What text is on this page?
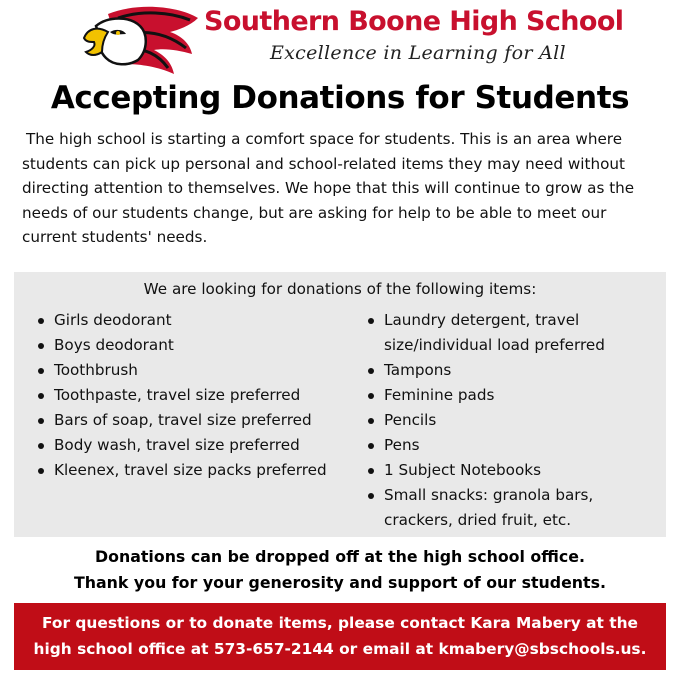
Southern Boone High School
Excellence in Learning for All
Accepting Donations for Students

The high school is starting a comfort space for students. This is an area where students can pick up personal and school-related items they may need without directing attention to themselves. We hope that this will continue to grow as the needs of our students change, but are asking for help to be able to meet our current students' needs.

We are looking for donations of the following items:
Girls deodorant
Boys deodorant
Toothbrush
Toothpaste, travel size preferred
Bars of soap, travel size preferred
Body wash, travel size preferred
Kleenex, travel size packs preferred
Laundry detergent, travel size/individual load preferred
Tampons
Feminine pads
Pencils
Pens
1 Subject Notebooks
Small snacks: granola bars, crackers, dried fruit, etc.
Donations can be dropped off at the high school office.
Thank you for your generosity and support of our students.
For questions or to donate items, please contact Kara Mabery at the
high school office at 573-657-2144 or email at kmabery@sbschools.us.
